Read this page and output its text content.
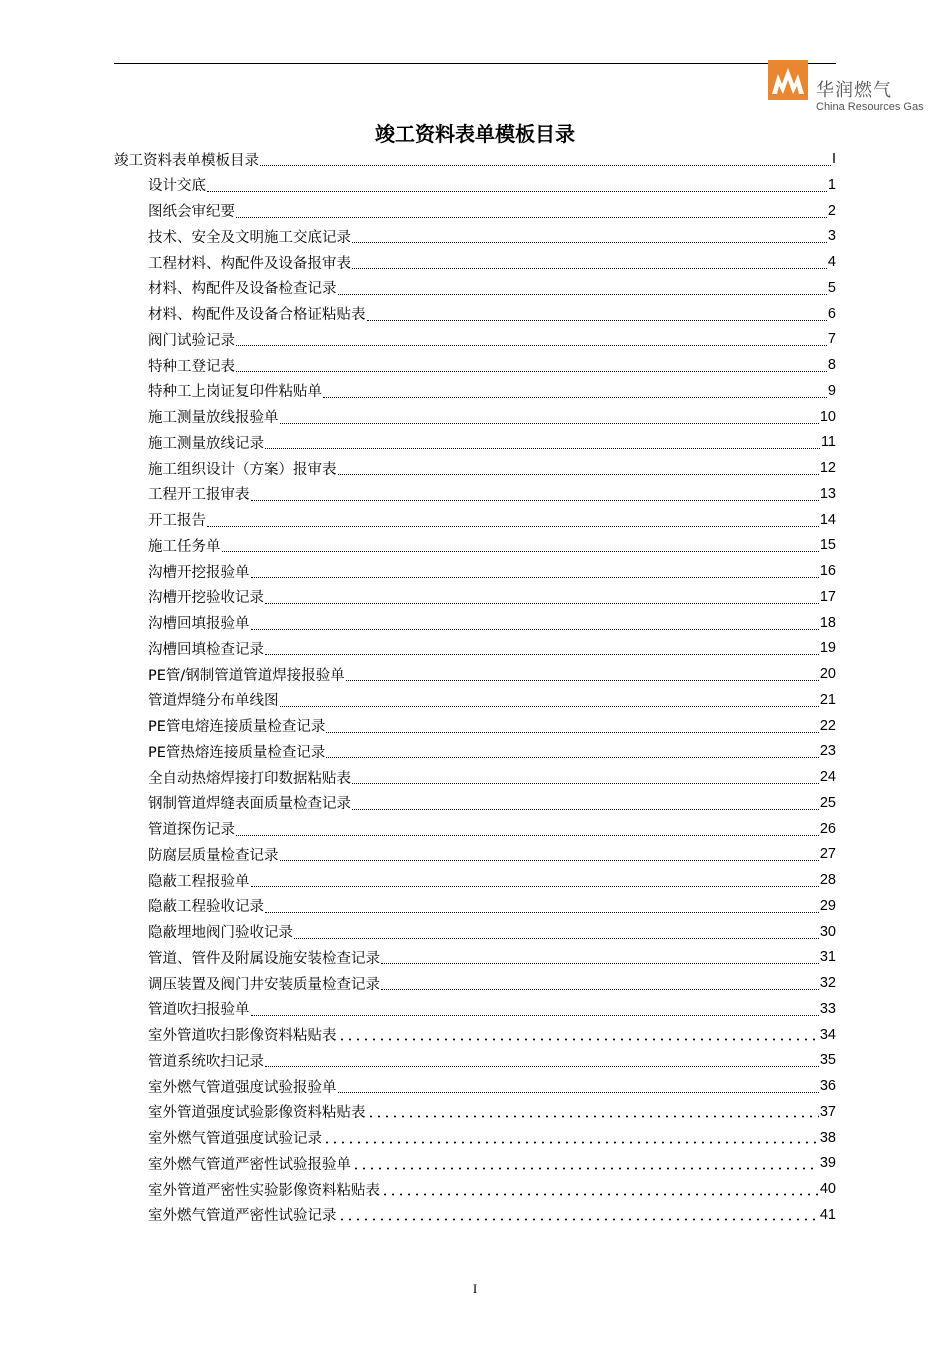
华润燃气
China Resources Gas
竣工资料表单模板目录
竣工资料表单模板目录	I
设计交底	1
图纸会审纪要	2
技术、安全及文明施工交底记录	3
工程材料、构配件及设备报审表	4
材料、构配件及设备检查记录	5
材料、构配件及设备合格证粘贴表	6
阀门试验记录	7
特种工登记表	8
特种工上岗证复印件粘贴单	9
施工测量放线报验单	10
施工测量放线记录	11
施工组织设计（方案）报审表	12
工程开工报审表	13
开工报告	14
施工任务单	15
沟槽开挖报验单	16
沟槽开挖验收记录	17
沟槽回填报验单	18
沟槽回填检查记录	19
PE管/钢制管道管道焊接报验单	20
管道焊缝分布单线图	21
PE管电熔连接质量检查记录	22
PE管热熔连接质量检查记录	23
全自动热熔焊接打印数据粘贴表	24
钢制管道焊缝表面质量检查记录	25
管道探伤记录	26
防腐层质量检查记录	27
隐蔽工程报验单	28
隐蔽工程验收记录	29
隐蔽埋地阀门验收记录	30
管道、管件及附属设施安装检查记录	31
调压装置及阀门井安装质量检查记录	32
管道吹扫报验单	33
室外管道吹扫影像资料粘贴表	34
管道系统吹扫记录	35
室外燃气管道强度试验报验单	36
室外管道强度试验影像资料粘贴表	37
室外燃气管道强度试验记录	38
室外燃气管道严密性试验报验单	39
室外管道严密性实验影像资料粘贴表	40
室外燃气管道严密性试验记录	41
I
